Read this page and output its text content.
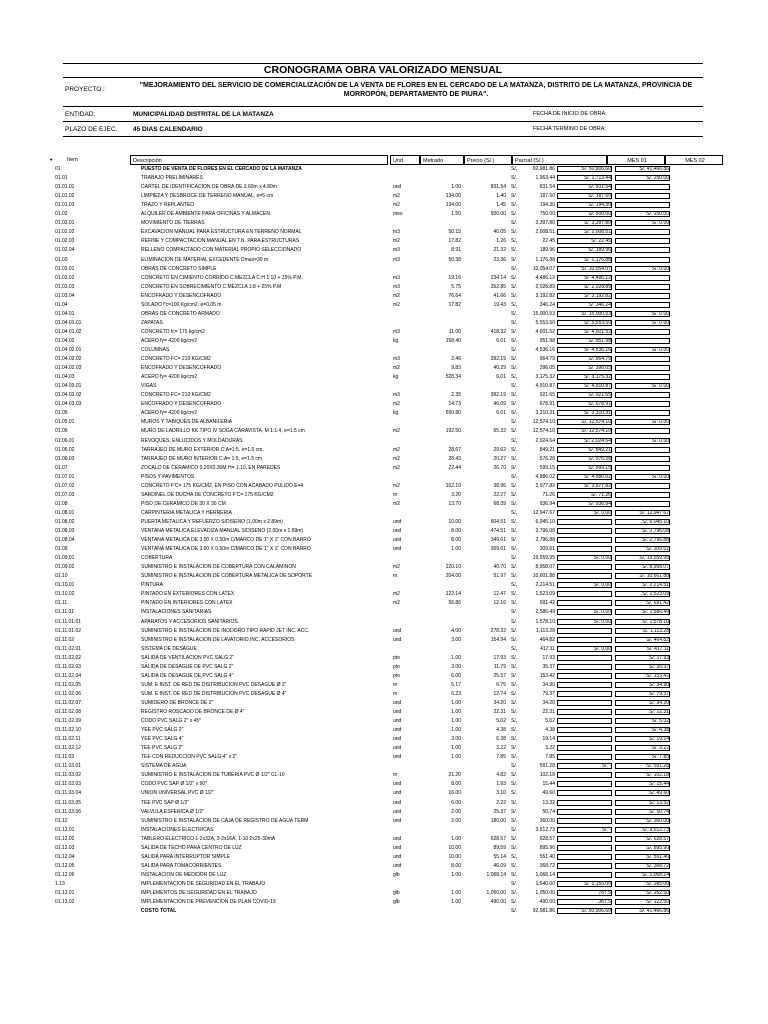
CRONOGRAMA OBRA VALORIZADO MENSUAL
PROYECTO :
"MEJORAMIENTO DEL SERVICIO DE COMERCIALIZACIÓN DE LA VENTA DE FLORES EN EL CERCADO DE LA MATANZA, DISTRITO DE LA MATANZA, PROVINCIA DE MORROPÓN, DEPARTAMENTO DE PIURA".
ENTIDAD:	MUNICIPALIDAD DISTRITAL DE LA MATANZA	FECHA DE INICIO DE OBRA:
PLAZO DE EJEC. 45 DIAS CALENDARIO	FECHA TERMINO DE OBRA:
•	Item	Descripción	Und.	Metrado	Precio (S/.)	Parcial (S/.)	MES 01	MES 02
01	PUESTO DE VENTA DE FLORES EN EL CERCADO DE LA MATANZA	S/.	92,981.86	S/. 50,906.60	S/. 41,466.86
01.01	TRABAJO PRELIMINARES	S/.	1,963.44	S/. 1,713.44	S/. 250.00
01.01.01	CARTEL DE IDENTIFICACION DE OBRA DE 3.60m x 4.80m	und	1.00	831.54 S/.	831.54	S/. 831.54
01.01.02	LIMPIEZA Y DESBROCE DE TERRENO MANUAL, e=5 cm	m2	134.00	1.40 S/.	187.60	S/. 187.60
01.01.03	TRAZO Y REPLANTEO	m2	134.00	1.45 S/.	194.30	S/. 194.30
01.02	ALQUILER DE AMBIENTE PARA OFICINAS Y ALMACEN	mes	1.50	500.00 S/.	750.00	S/. 500.00	S/. 250.00
01.02.01	MOVIMIENTO DE TIERRAS	S/.	3,397.80	S/. 3,397.80	S/. 0.00
01.02.02	EXCAVACION MANUAL PARA ESTRUCTURA EN TERRENO NORMAL	m3	50.15	40.05 S/.	2,008.51	S/. 2,008.51
01.02.03	REFINE Y COMPACTACIÓN MANUAL EN T.N. PARA ESTRUCTURAS	m2	17.82	1.26 S/.	22.45	S/. 22.45
01.02.04	RELLENO COMPACTADO CON MATERIAL PROPIO SELECCIONADO	m3	8.91	21.32 S/.	189.96	S/. 189.96
01.03	ELIMINACION DE MATERIAL EXCEDENTE Dmax=30 m	m3	50.38	23.36 S/.	1,176.88	S/. 1,176.88
01.03.01	OBRAS DE CONCRETO SIMPLE	S/.	10,054.07	S/. 10,054.07	S/. 0.00
01.03.02	CONCRETO EN CIMIENTO CORRIDO C:MEZCLA C:H 1:10 + 25% P.M.	m3	19.16	234.14 S/.	4,486.12	S/. 4,486.12
01.03.03	CONCRETO EN SOBRECIMIENTO C:MEZCLA 1:8 + 25% P.M	m3	5.75	352.85 S/.	2,028.89	S/. 2,028.89
01.03.04	ENCOFRADO Y DESENCOFRADO	m2	76.64	41.66 S/.	3,192.82	S/. 3,192.82
01.04	SOLADO f'c=100 Kg/cm2, e=0.05 m.	m2	17.82	19.43 S/.	346.24	S/. 346.24
01.04.01	OBRAS DE CONCRETO ARMADO	S/.	15,000.53	S/. 15,000.53	S/. 0.00
01.04.01.01	ZAPATAS	S/.	5,553.50	S/. 5,553.50	S/. 0.00
01.04.01.02	CONCRETO fc= 175 kg/cm2	m3	11.00	418.32 S/.	4,601.52	S/. 4,601.52
01.04.02	ACERO fy= 4200 kg/cm2	kg	158.40	6.01 S/.	951.98	S/. 951.98
01.04.02.01	COLUMNAS	S/.	4,536.16	S/. 4,536.16	S/. 0.00
01.04.02.02	CONCRETO FC= 210 KG/CM2	m3	2.46	392.19 S/.	964.79	S/. 964.79
01.04.02.03	ENCOFRADO Y DESENCOFRADO	m2	9.83	40.29 S/.	396.05	S/. 396.05
01.04.03	ACERO fy= 4200 kg/cm2	kg	528.34	6.01 S/.	3,175.32	S/. 3,175.32
01.04.03.01	VIGAS	S/.	4,910.87	S/. 4,910.87	S/. 0.00
01.04.03.02	CONCRETO FC= 210 KG/CM2	m3	2.35	392.19 S/.	921.65	S/. 921.65
01.04.03.03	ENCOFRADO Y DESENCOFRADO	m2	14.73	46.09 S/.	678.91	S/. 678.91
01.05	ACERO fy= 4200 kg/cm2	kg	550.80	6.01 S/.	3,310.31	S/. 3,310.31
01.05.01	MUROS Y TABIQUES DE ALBAÑILERIA	S/.	12,574.10	S/. 12,574.10	S/. 0.00
01.06	MURO DE LADRILLO KK TIPO IV SOGA CARAVISTA, M 1:1:4, e=1.5 cm	m2	192.50	65.32 S/.	12,574.10	S/. 12,574.10
01.06.01	REVOQUES, ENLUCIDOS Y MOLDADURAS	S/.	2,024.64	S/. 2,024.64	S/. 0.00
01.06.02	TARRAJEO DE MURO EXTERIOR C:A=1:5, e=1.5 cm.	m2	28.67	29.62 S/.	849.21	S/. 849.21
01.06.03	TARRAJEO DE MURO INTERIOR C:A= 1:5, e=1.5 cm.	m2	28.43	20.27 S/.	576.28	S/. 576.28
01.07	ZÓCALO DE CERÁMICO 0.20X0.30M H= 1.10, EN PAREDES	m2	22.44	26.70 S/.	599.15	S/. 599.15
01.07.01	PISOS Y PAVIMENTOS	S/.	4,986.02	S/. 4,986.02	S/. 0.00
01.07.02	CONCRETO F'C= 175 KG/CM2, EN PISO CON ACABADO PULIDO E=4	m2	102.10	38.96 S/.	3,977.82	S/. 3,977.82
01.07.03	SARDINEL DE DUCHA DE CONCRETO F'C= 175 KG/CM2	m	3.20	22.27 S/.	71.26	S/. 71.26
01.08	PISO DE CERÁMICO DE 30 X 30 CM	m2	13.70	68.39 S/.	936.94	S/. 936.94
01.08.01	CARPINTERIA METALICA Y HERRERIA	S/.	12,947.67	S/. 0.00	S/. 12,947.67
01.08.02	PUERTA METALICA Y REFUERZO S/DISEÑO (1.00m x 2.89m)	und	10.00	604.51 S/.	6,045.10	S/. 6,045.10
01.08.03	VENTANA METALICA ELEVADIZA MANUAL S/DISEÑO (2.00m x 1.89m)	und	8.00	474.51 S/.	3,796.08	S/. 3,796.08
01.08.04	VENTANA METALICA DE 3.00 X 0.50m C/MARCO DE 1" X 1" CON BARRO	und	8.00	349.61 S/.	2,796.88	S/. 2,796.88
01.09	VENTANA METALICA DE 3.00 X 0.50m C/MARCO DE 1" X 1" CON BARRO	und	1.00	309.61 S/.	309.61	S/. 309.61
01.09.01	COBERTURA	S/.	19,559.95	S/. 0.00	S/. 19,559.95
01.09.02	SUMINISTRO E INSTALACION DE COBERTURA CON CALAMINON	m2	220.10	40.70 S/.	8,958.07	S/. 8,958.07
01.10	SUMINISTRO E INSTALACION DE COBERTURA METALICA DE SOPORTE	m	204.00	51.97 S/.	10,601.88	S/. 10,601.88
01.10.01	PINTURA	S/.	2,214.51	S/. 0.00	S/. 2,214.51
01.10.02	PINTADO EN EXTERIORES CON LATEX	m2	122.14	12.47 S/.	1,523.09	S/. 1,523.09
01.11	PINTADO EN INTERIORES CON LATEX	m2	56.86	12.16 S/.	691.42	S/. 691.42
01.11.01	INSTALACIONES SANITARIAS	S/.	2,586.49	S/. 0.00	S/. 2,586.49
01.11.01.01	APARATOS Y ACCESORIOS SANITARIOS	S/.	1,578.10	S/. 0.00	S/. 1,578.10
01.11.01.02	SUMINISTRO E INSTALACION DE INODORO TIPO RAPID JET INC. ACC.	und	4.00	278.32 S/.	1,113.28	S/. 1,113.28
01.11.02	SUMINISTRO E INSTALACION DE LAVATORIO INC. ACCESORIOS	und	3.00	154.94 S/.	464.82	S/. 464.82
01.11.02.01	SISTEMA DE DESAGUE	S/.	417.11	S/. 0.00	S/. 417.11
01.11.02.02	SALIDA DE VENTILACIÓN PVC SALG 2"	pto	1.00	17.93 S/.	17.93	S/. 17.93
01.11.02.03	SALIDA DE DESAGÜE DE PVC SALG 2"	pto	3.00	11.79 S/.	35.37	S/. 35.37
01.11.02.04	SALIDA DE DESAGÜE DE PVC SALG 4"	pto	6.00	25.57 S/.	153.42	S/. 153.42
01.11.02.05	SUM. E INST. DE RED DE DISTRIBUCIÓN PVC DESAGÜE Ø 2"	m	5.17	6.75 S/.	34.90	S/. 34.90
01.11.02.06	SUM. E INST. DE RED DE DISTRIBUCIÓN PVC DESAGÜE Ø 4"	m	6.23	12.74 S/.	79.37	S/. 79.37
01.11.02.07	SUMIDERO DE BRONCE DE 2"	und	1.00	34.20 S/.	34.20	S/. 34.20
01.11.02.08	REGISTRO ROSCADO DE BRONCE DE Ø 4"	und	1.00	22.31 S/.	22.31	S/. 22.31
01.11.02.09	CODO PVC SALG 2" x 45°	und	1.00	5.02 S/.	5.02	S/. 5.02
01.11.02.10	YEE PVC SALG 2"	und	1.00	4.38 S/.	4.38	S/. 4.38
01.11.02.11	YEE PVC SALG 4"	und	3.00	6.38 S/.	19.14	S/. 19.14
01.11.02.12	TEE PVC SALG 2"	und	1.00	3.22 S/.	3.22	S/. 3.22
01.11.03	TEE CON REDUCCIÓN PVC SALG 4" x 2"	und	1.00	7.85 S/.	7.85	S/. 7.85
01.11.03.01	SISTEMA DE AGUA	S/.	591.28	S/. -	S/. 591.28
01.11.03.02	SUMINISTRO E INSTALACION DE TUBERIA PVC Ø 1/2" CL-10	m	21.20	4.82 S/.	102.18	S/. 102.18
01.11.03.03	CODO PVC SAP Ø 1/2" x 90°	und	8.00	1.93 S/.	15.44	S/. 15.44
01.11.03.04	UNION UNIVERSAL PVC Ø 1/2"	und	16.00	3.10 S/.	49.60	S/. 49.60
01.11.03.05	TEE PVC SAP Ø 1/2"	und	6.00	2.22 S/.	13.32	S/. 13.32
01.11.03.06	VALVULA ESFERICA Ø 1/2"	und	2.00	25.37 S/.	50.74	S/. 50.74
01.12	SUMINISTRO E INSTALACION DE CAJA DE REGISTRO DE AGUA TERM	und	2.00	180.00 S/.	360.00	S/. 360.00
01.12.01	INSTALACIONES ELECTRICAS	S/.	3,512.73	S/. -	S/. 3,512.73
01.12.02	TABLERO ELECTRICO 1-2x32A, 3-2x16A, 1-10 2x25-30mA	und	1.00	628.57 S/.	628.57	S/. 628.57
01.12.03	SALIDA DE TECHO PARA CENTRO DE LUZ	und	10.00	89.59 S/.	895.90	S/. 895.90
01.12.04	SALIDA PARA INTERRUPTOR SIMPLE	und	10.00	55.14 S/.	551.40	S/. 551.40
01.12.05	SALIDA PARA TOMACORRIENTES	und	8.00	46.09 S/.	368.72	S/. 368.72
01.12.06	INSTALACION DE MEDIDOR DE LUZ	glb	1.00	1,068.14 S/.	1,068.14	S/. 1,068.14
1.13	IMPLEMENTACION DE SEGURIDAD EN EL TRABAJO	S/.	1,540.00	S/. 1,155.00	S/. 385.00
01.13.01	IMPLEMENTOS DE SEGURIDAD EN EL TRABAJO	glb	1.00	1,050.00 S/.	1,050.00	787.5	S/. 262.50
01.13.02	IMPLEMENTACION DE PREVENCION DE PLAN COVID-19	glb	1.00	490.00 S/.	490.00	367.5	S/. 122.50
COSTO TOTAL	S/.	92,981.86	S/. 50,906.60	S/. 41,466.86
